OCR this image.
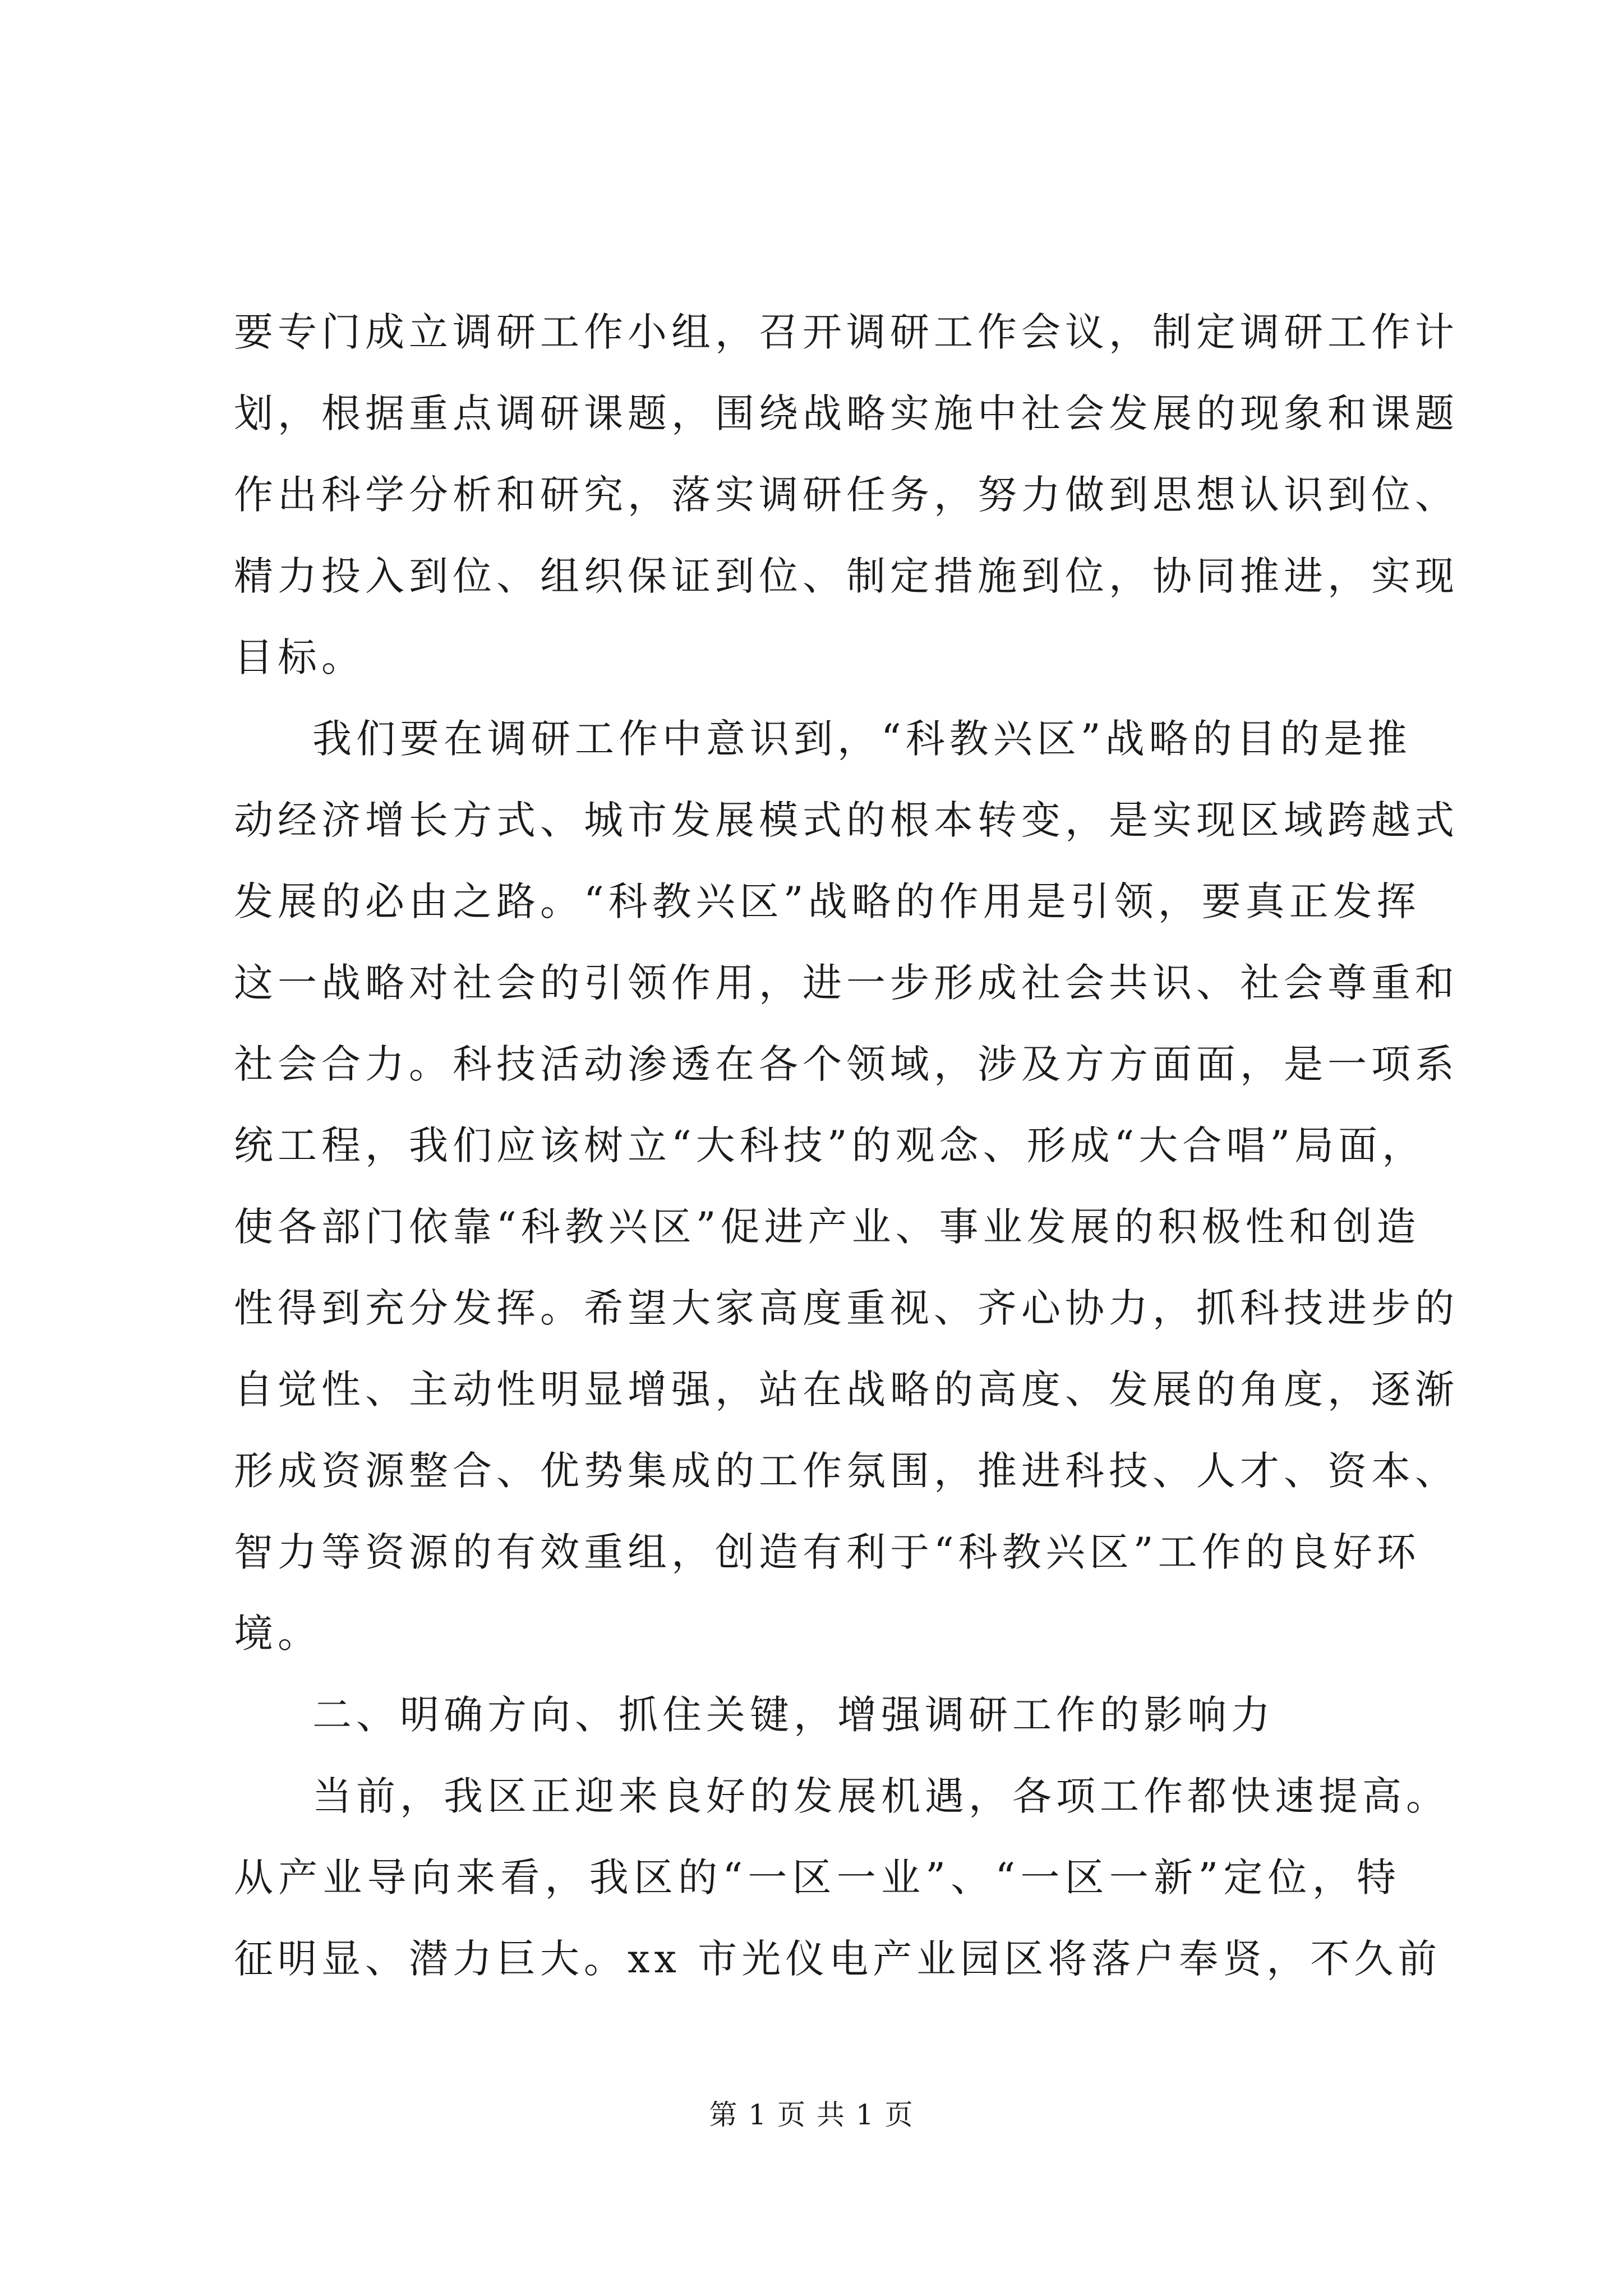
要专门成立调研工作小组，召开调研工作会议，制定调研工作计
划，根据重点调研课题，围绕战略实施中社会发展的现象和课题
作出科学分析和研究，落实调研任务，努力做到思想认识到位、
精力投入到位、组织保证到位、制定措施到位，协同推进，实现
目标。
我们要在调研工作中意识到，“科教兴区”战略的目的是推
动经济增长方式、城市发展模式的根本转变，是实现区域跨越式
发展的必由之路。“科教兴区”战略的作用是引领，要真正发挥
这一战略对社会的引领作用，进一步形成社会共识、社会尊重和
社会合力。科技活动渗透在各个领域，涉及方方面面，是一项系
统工程，我们应该树立“大科技”的观念、形成“大合唱”局面，
使各部门依靠“科教兴区”促进产业、事业发展的积极性和创造
性得到充分发挥。希望大家高度重视、齐心协力，抓科技进步的
自觉性、主动性明显增强，站在战略的高度、发展的角度，逐渐
形成资源整合、优势集成的工作氛围，推进科技、人才、资本、
智力等资源的有效重组，创造有利于“科教兴区”工作的良好环
境。
二、明确方向、抓住关键，增强调研工作的影响力
当前，我区正迎来良好的发展机遇，各项工作都快速提高。
从产业导向来看，我区的“一区一业”、“一区一新”定位，特
征明显、潜力巨大。xx 市光仪电产业园区将落户奉贤，不久前
第 1 页 共 1 页
